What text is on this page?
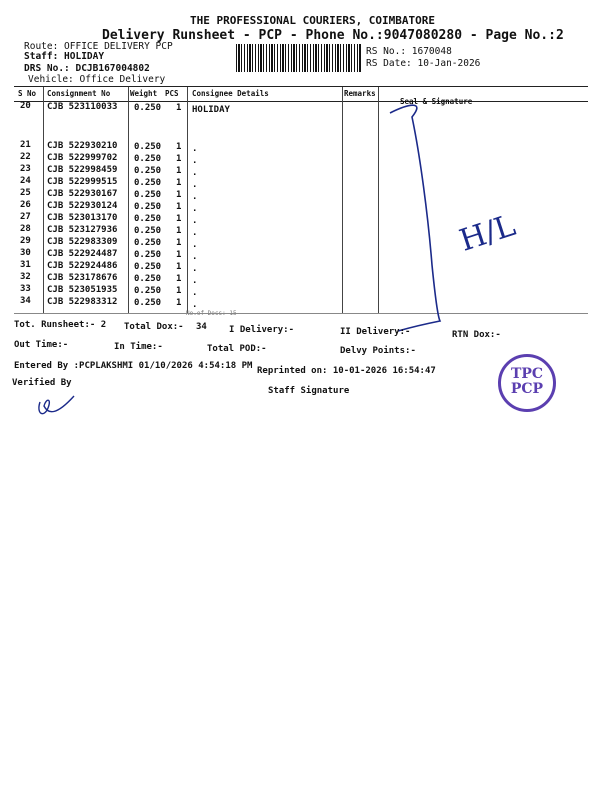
THE PROFESSIONAL COURIERS, COIMBATORE
Delivery Runsheet - PCP - Phone No.:9047080280 - Page No.:2
Route: OFFICE DELIVERY PCP
Staff: HOLIDAY
DRS No.: DCJB167004802
Vehicle: Office Delivery
RS No.: 1670048
RS Date: 10-Jan-2026
S No Consignment No	Weight PCS Consignee Details	Remarks
Seal & Signature
20 CJB 523110033 0.250 1 HOLIDAY
21 CJB 522930210 0.250 1 .
22 CJB 522999702 0.250 1 .
23 CJB 522998459 0.250 1 .
24 CJB 522999515 0.250 1 .
25 CJB 522930167 0.250 1 .
26 CJB 522930124 0.250 1 .
27 CJB 523013170 0.250 1 .
28 CJB 523127936 0.250 1 .
29 CJB 522983309 0.250 1 .
30 CJB 522924487 0.250 1 .
31 CJB 522924486 0.250 1 .
32 CJB 523178676 0.250 1 .
33 CJB 523051935 0.250 1 .
34 CJB 522983312 0.250 1 .
H/L
Tot. Runsheet:- 2 Total Dox:- 34 I Delivery:-	II Delivery:-	RTN Dox:-
Out Time:-	In Time:-	Total POD:-	Delvy Points:-
Entered By :PCPLAKSHMI 01/10/2026 4:54:18 PM Reprinted on: 10-01-2026 16:54:47
Verified By
Staff Signature
TPC
PCP
